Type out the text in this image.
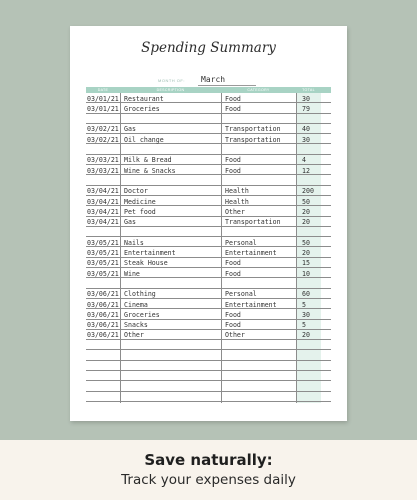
Spending Summary
MONTH OF: March
DATE	DESCRIPTION	CATEGORY	TOTAL
03/01/21 Restaurant	Food	30
03/01/21 Groceries	Food	79
03/02/21 Gas	Transportation	40
03/02/21 Oil change	Transportation	30
03/03/21 Milk & Bread	Food	4
03/03/21 Wine & Snacks	Food	12
03/04/21 Doctor	Health	200
03/04/21 Medicine	Health	50
03/04/21 Pet food	Other	20
03/04/21 Gas	Transportation	20
03/05/21 Nails	Personal	50
03/05/21 Entertainment	Entertainment	20
03/05/21 Steak House	Food	15
03/05/21 Wine	Food	10
03/06/21 Clothing	Personal	60
03/06/21 Cinema	Entertainment	5
03/06/21 Groceries	Food	30
03/06/21 Snacks	Food	5
03/06/21 Other	Other	20
Save naturally:
Track your expenses daily
